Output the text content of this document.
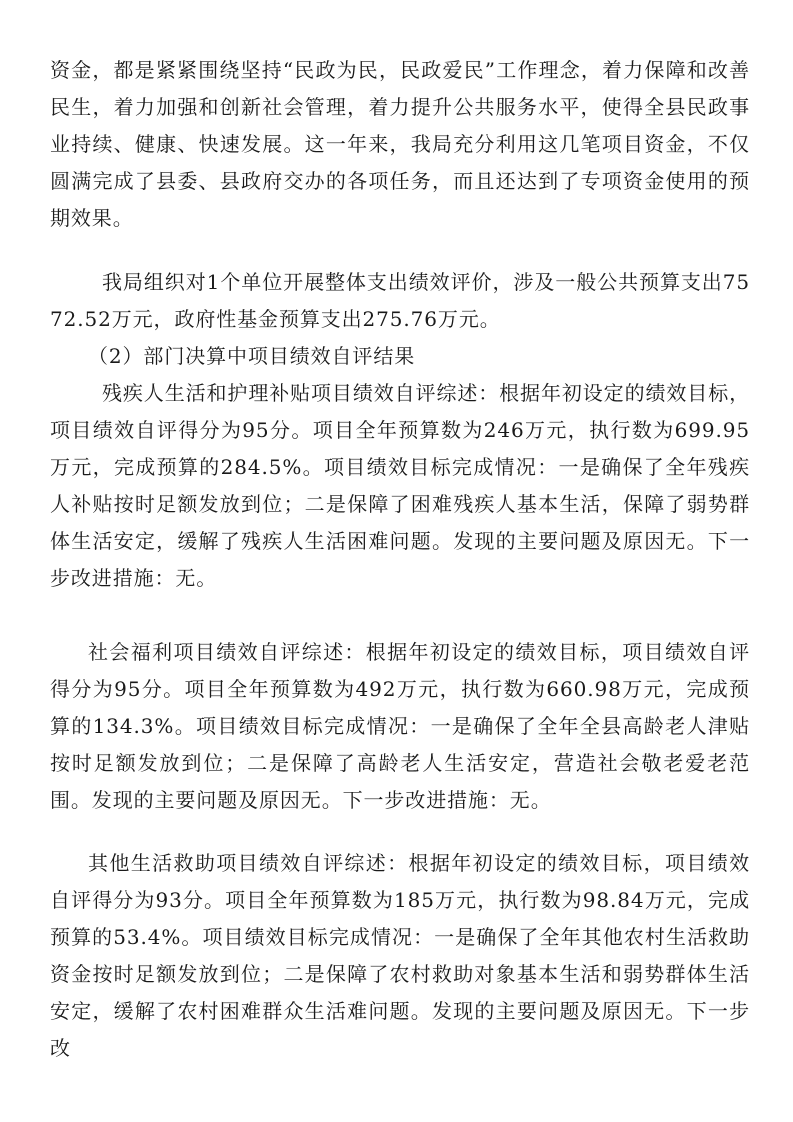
资金，都是紧紧围绕坚持“民政为民，民政爱民”工作理念，着力保障和改善民生，着力加强和创新社会管理，着力提升公共服务水平，使得全县民政事业持续、健康、快速发展。这一年来，我局充分利用这几笔项目资金，不仅圆满完成了县委、县政府交办的各项任务，而且还达到了专项资金使用的预期效果。

我局组织对1个单位开展整体支出绩效评价，涉及一般公共预算支出7572.52万元，政府性基金预算支出275.76万元。

（2）部门决算中项目绩效自评结果

残疾人生活和护理补贴项目绩效自评综述：根据年初设定的绩效目标，项目绩效自评得分为95分。项目全年预算数为246万元，执行数为699.95万元，完成预算的284.5%。项目绩效目标完成情况：一是确保了全年残疾人补贴按时足额发放到位；二是保障了困难残疾人基本生活，保障了弱势群体生活安定，缓解了残疾人生活困难问题。发现的主要问题及原因无。下一步改进措施：无。

社会福利项目绩效自评综述：根据年初设定的绩效目标，项目绩效自评得分为95分。项目全年预算数为492万元，执行数为660.98万元，完成预算的134.3%。项目绩效目标完成情况：一是确保了全年全县高龄老人津贴按时足额发放到位；二是保障了高龄老人生活安定，营造社会敬老爱老范围。发现的主要问题及原因无。下一步改进措施：无。

其他生活救助项目绩效自评综述：根据年初设定的绩效目标，项目绩效自评得分为93分。项目全年预算数为185万元，执行数为98.84万元，完成预算的53.4%。项目绩效目标完成情况：一是确保了全年其他农村生活救助资金按时足额发放到位；二是保障了农村救助对象基本生活和弱势群体生活安定，缓解了农村困难群众生活难问题。发现的主要问题及原因无。下一步改
